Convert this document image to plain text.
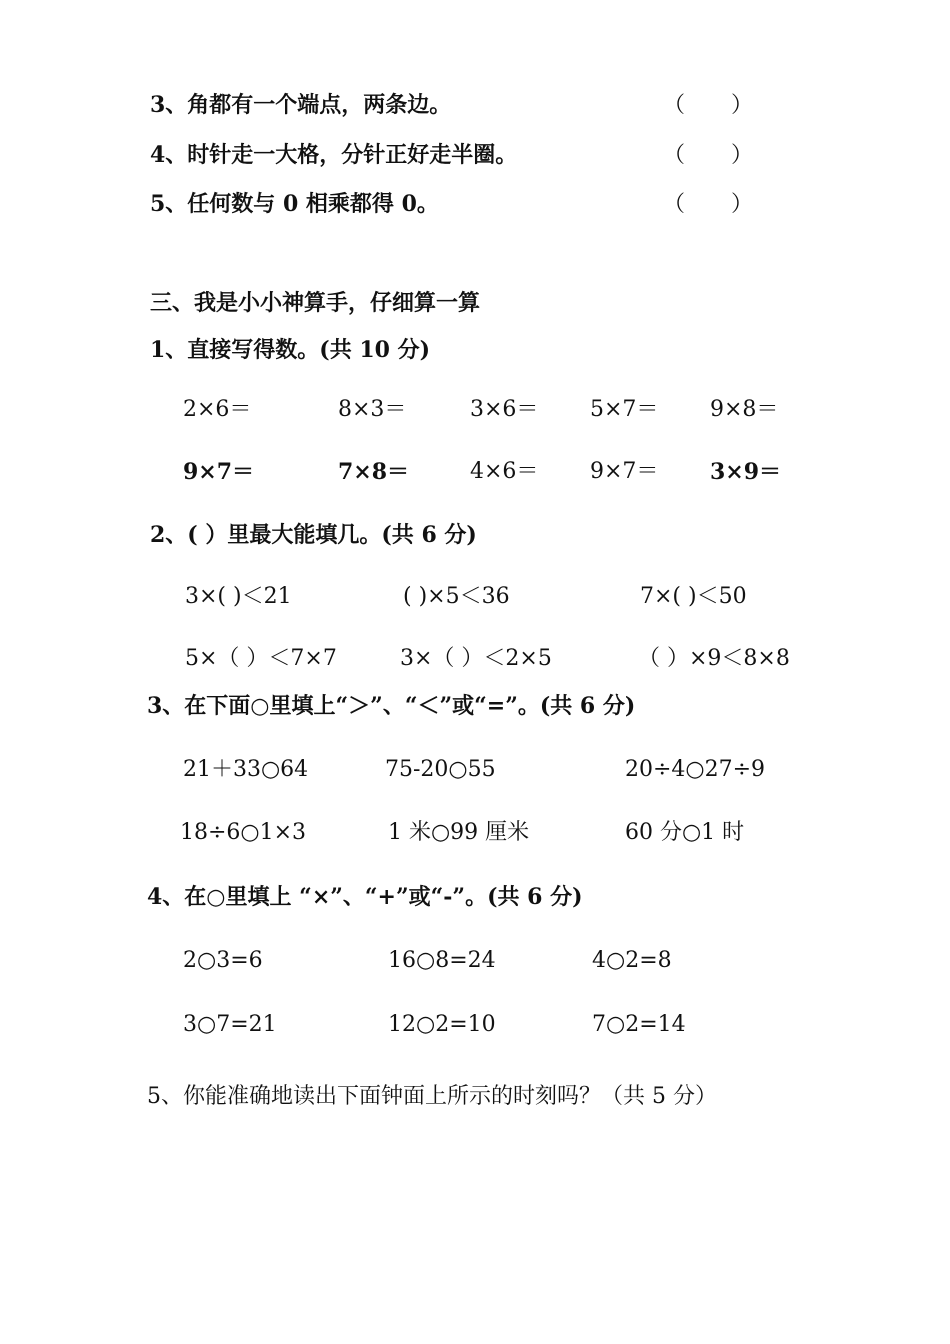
3、角都有一个端点，两条边。	（ ）
4、时针走一大格，分针正好走半圈。	（ ）
5、任何数与 0 相乘都得 0。	（ ）
三、我是小小神算手，仔细算一算
1、直接写得数。(共 10 分)
2×6＝	8×3＝	3×6＝ 5×7＝ 9×8＝
9×7＝	7×8＝	4×6＝ 9×7＝ 3×9＝
2、( ）里最大能填几。(共 6 分)
3×( )＜21	( )×5＜36	7×( )＜50
5×（ ）＜7×7	3×（ ）＜2×5	（ ）×9＜8×8
3、在下面○里填上“＞”、“＜”或“=”。(共 6 分)
21＋33○64	75-20○55	20÷4○27÷9
18÷6○1×3	1 米○99 厘米	60 分○1 时
4、在○里填上 “×”、“+”或“-”。(共 6 分)
2○3=6	16○8=24	4○2=8
3○7=21	12○2=10	7○2=14
5、你能准确地读出下面钟面上所示的时刻吗？（共 5 分）
